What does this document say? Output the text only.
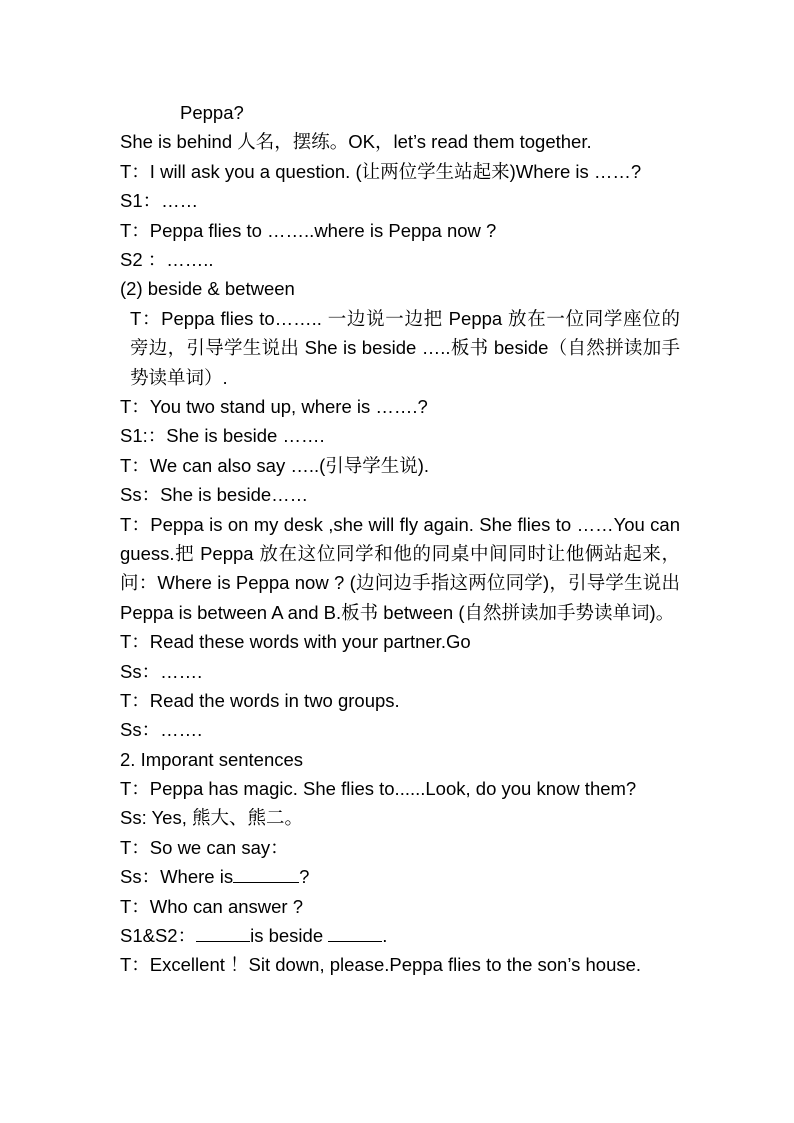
Peppa?

She is behind 人名，摆练。OK，let’s read them together.

T：I will ask you a question. (让两位学生站起来)Where is ……?

S1：……

T：Peppa flies to ……..where is Peppa now ?

S2 ：……..

(2) beside & between

T：Peppa flies to…….. 一边说一边把 Peppa 放在一位同学座位的旁边，引导学生说出 She is beside …..板书 beside（自然拼读加手势读单词）.

T：You two stand up, where is …….?

S1:：She is beside …….

T：We can also say …..(引导学生说).

Ss：She is beside……

T：Peppa is on my desk ,she will fly again. She flies to ……You can guess.把 Peppa 放在这位同学和他的同桌中间同时让他俩站起来，问：Where is Peppa now ? (边问边手指这两位同学)，引导学生说出 Peppa is between A and B.板书 between (自然拼读加手势读单词)。

T：Read these words with your partner.Go

Ss：…….

T：Read the words in two groups.

Ss：…….

2. Imporant sentences

T：Peppa has magic. She flies to......Look, do you know them?

Ss: Yes, 熊大、熊二。

T：So we can say：

Ss：Where is	?

T：Who can answer ?

S1&S2：	is beside	.

T：Excellent ！Sit down, please.Peppa flies to the son’s house.
